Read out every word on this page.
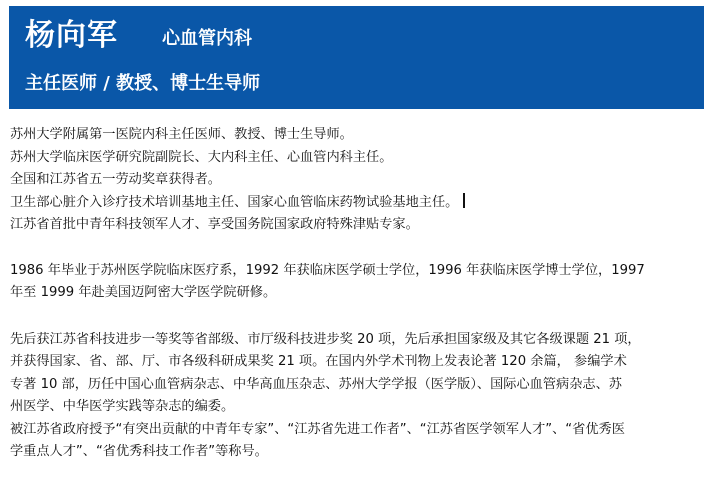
杨向军 心血管内科
主任医师 / 教授、博士生导师

苏州大学附属第一医院内科主任医师、教授、博士生导师。

苏州大学临床医学研究院副院长、大内科主任、心血管内科主任。

全国和江苏省五一劳动奖章获得者。

卫生部心脏介入诊疗技术培训基地主任、国家心血管临床药物试验基地主任。

江苏省首批中青年科技领军人才、享受国务院国家政府特殊津贴专家。

1986 年毕业于苏州医学院临床医疗系，1992 年获临床医学硕士学位，1996 年获临床医学博士学位，1997

年至 1999 年赴美国迈阿密大学医学院研修。

先后获江苏省科技进步一等奖等省部级、市厅级科技进步奖 20 项，先后承担国家级及其它各级课题 21 项，

并获得国家、省、部、厅、市各级科研成果奖 21 项。在国内外学术刊物上发表论著 120 余篇， 参编学术

专著 10 部，历任中国心血管病杂志、中华高血压杂志、苏州大学学报（医学版）、国际心血管病杂志、苏

州医学、中华医学实践等杂志的编委。

被江苏省政府授予“有突出贡献的中青年专家”、“江苏省先进工作者”、“江苏省医学领军人才”、“省优秀医

学重点人才”、“省优秀科技工作者”等称号。
